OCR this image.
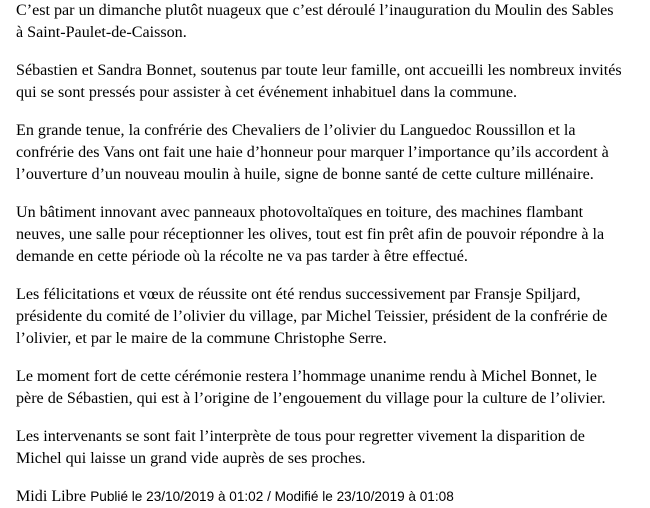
C’est par un dimanche plutôt nuageux que c’est déroulé l’inauguration du Moulin des Sables
à Saint-Paulet-de-Caisson.

Sébastien et Sandra Bonnet, soutenus par toute leur famille, ont accueilli les nombreux invités
qui se sont pressés pour assister à cet événement inhabituel dans la commune.

En grande tenue, la confrérie des Chevaliers de l’olivier du Languedoc Roussillon et la
confrérie des Vans ont fait une haie d’honneur pour marquer l’importance qu’ils accordent à
l’ouverture d’un nouveau moulin à huile, signe de bonne santé de cette culture millénaire.

Un bâtiment innovant avec panneaux photovoltaïques en toiture, des machines flambant
neuves, une salle pour réceptionner les olives, tout est fin prêt afin de pouvoir répondre à la
demande en cette période où la récolte ne va pas tarder à être effectué.

Les félicitations et vœux de réussite ont été rendus successivement par Fransje Spiljard,
présidente du comité de l’olivier du village, par Michel Teissier, président de la confrérie de
l’olivier, et par le maire de la commune Christophe Serre.

Le moment fort de cette cérémonie restera l’hommage unanime rendu à Michel Bonnet, le
père de Sébastien, qui est à l’origine de l’engouement du village pour la culture de l’olivier.

Les intervenants se sont fait l’interprète de tous pour regretter vivement la disparition de
Michel qui laisse un grand vide auprès de ses proches.

Midi Libre Publié le 23/10/2019 à 01:02 / Modifié le 23/10/2019 à 01:08
